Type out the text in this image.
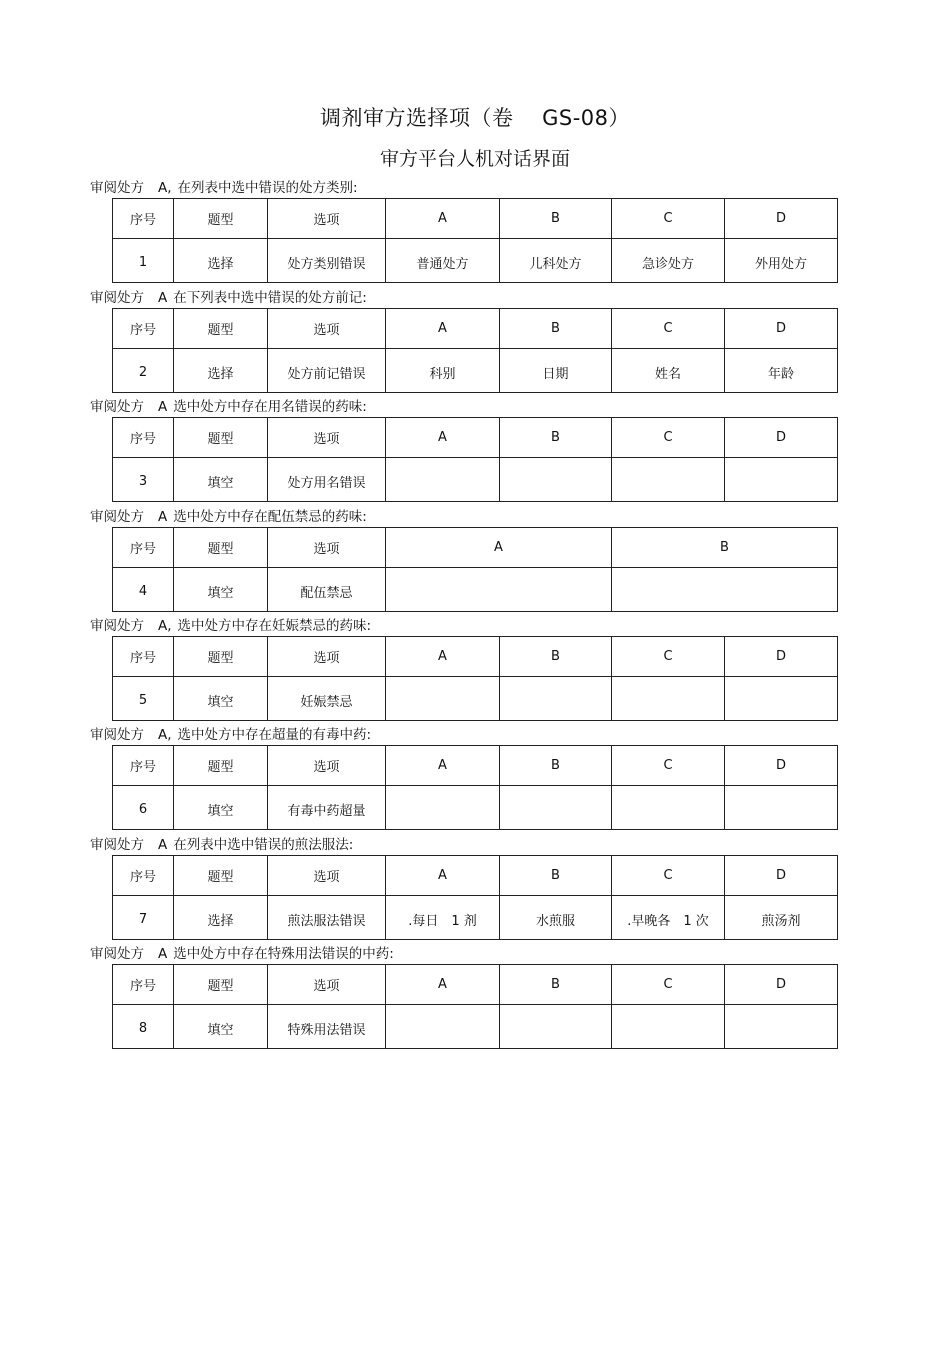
调剂审方选择项（卷　 GS-08）
审方平台人机对话界面
审阅处方 A, 在列表中选中错误的处方类别:
序号	题型	选项	A	B	C	D
1	选择	处方类别错误	普通处方	儿科处方	急诊处方	外用处方
审阅处方 A 在下列表中选中错误的处方前记:
序号	题型	选项	A	B	C	D
2	选择	处方前记错误	科别	日期	姓名	年龄
审阅处方 A 选中处方中存在用名错误的药味:
序号	题型	选项	A	B	C	D
3	填空	处方用名错误				
审阅处方 A 选中处方中存在配伍禁忌的药味:
序号	题型	选项	A	B
4	填空	配伍禁忌		
审阅处方 A, 选中处方中存在妊娠禁忌的药味:
序号	题型	选项	A	B	C	D
5	填空	妊娠禁忌				
审阅处方 A, 选中处方中存在超量的有毒中药:
序号	题型	选项	A	B	C	D
6	填空	有毒中药超量				
审阅处方 A 在列表中选中错误的煎法服法:
序号	题型	选项	A	B	C	D
7	选择	煎法服法错误	.每日　1 剂	水煎服	.早晚各　1 次	煎汤剂
审阅处方 A 选中处方中存在特殊用法错误的中药:
序号	题型	选项	A	B	C	D
8	填空	特殊用法错误				
